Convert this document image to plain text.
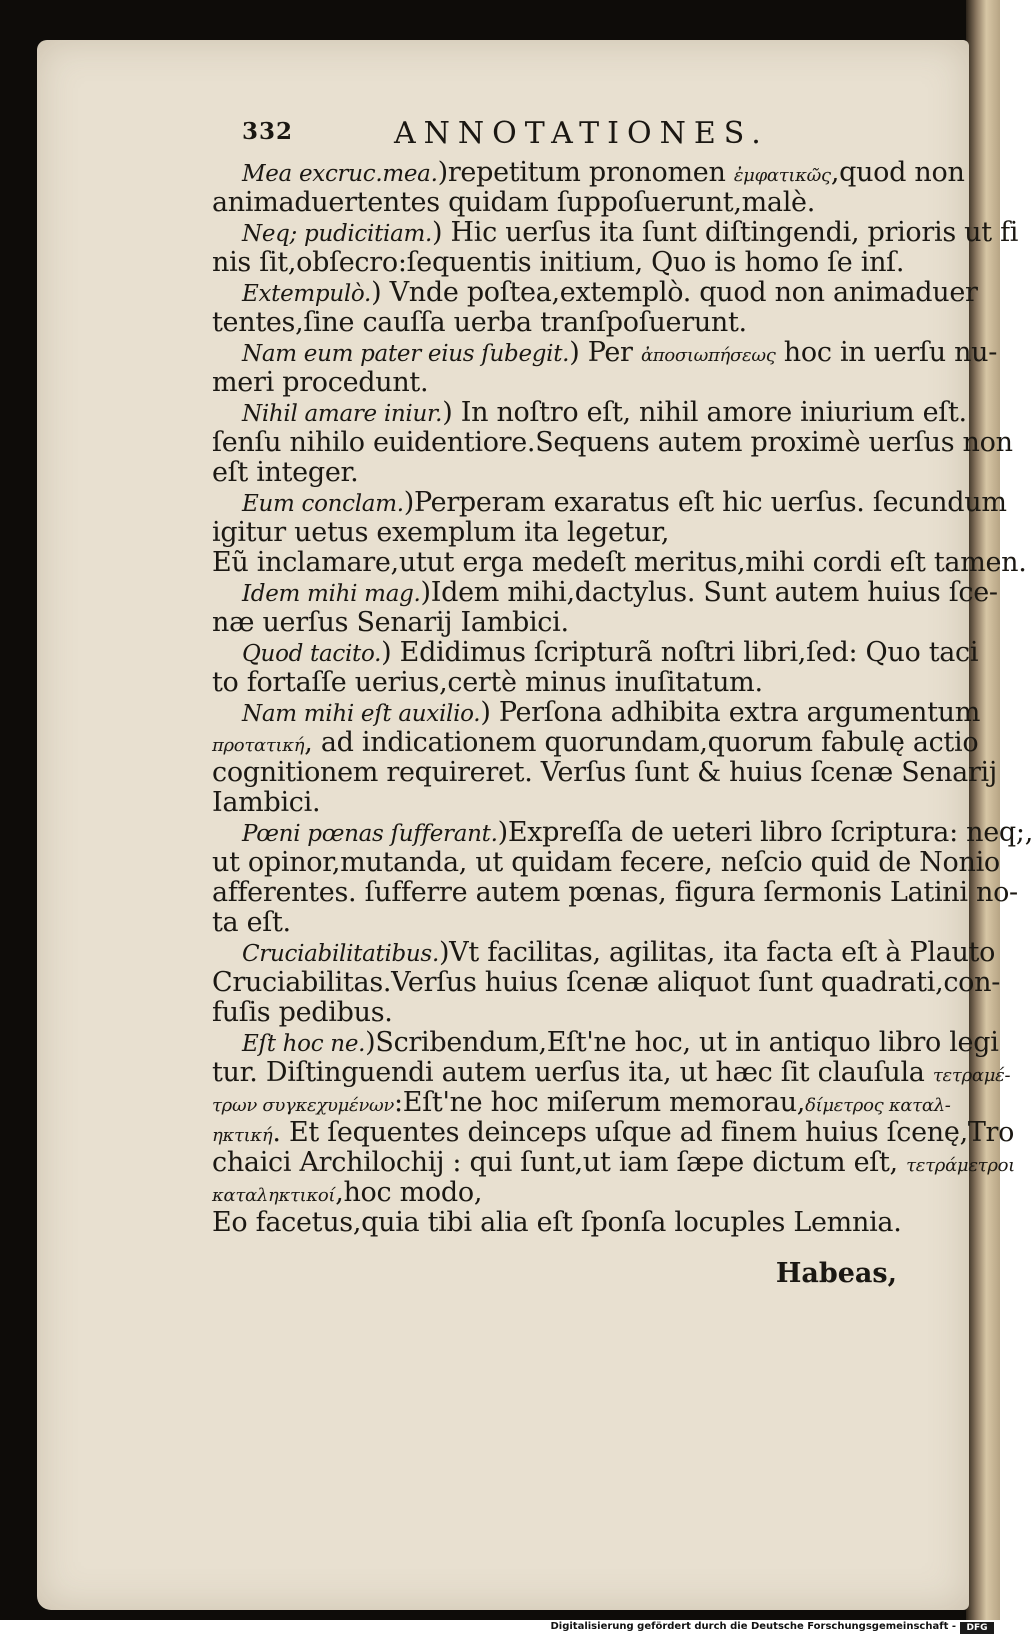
332	ANNOTATIONES.
Mea excruc.mea.)repetitum pronomen ἐμφατικῶς,quod non
animaduertentes quidam ſuppoſuerunt,malè.
Neq; pudicitiam.) Hic uerſus ita ſunt diſtingendi, prioris ut fi
nis ſit,obſecro:ſequentis initium, Quo is homo ſe inſ.
Extempulò.) Vnde poſtea,extemplò. quod non animaduer
tentes,ſine cauſſa uerba tranſpoſuerunt.
Nam eum pater eius ſubegit.) Per ἀποσιωπήσεως hoc in uerſu nu-
meri procedunt.
Nihil amare iniur.) In noſtro eſt, nihil amore iniurium eſt.
ſenſu nihilo euidentiore.Sequens autem proximè uerſus non
eſt integer.
Eum conclam.)Perperam exaratus eſt hic uerſus. ſecundum
igitur uetus exemplum ita legetur,
Eũ inclamare,utut erga medeſt meritus,mihi cordi eſt tamen.
Idem mihi mag.)Idem mihi,dactylus. Sunt autem huius ſce-
næ uerſus Senarij Iambici.
Quod tacito.) Edidimus ſcripturã noſtri libri,ſed: Quo taci
to fortaſſe uerius,certè minus inuſitatum.
Nam mihi eſt auxilio.) Perſona adhibita extra argumentum
προτατική, ad indicationem quorundam,quorum fabulę actio
cognitionem requireret. Verſus ſunt & huius ſcenæ Senarij
Iambici.
Pœni pœnas ſufferant.)Expreſſa de ueteri libro ſcriptura: neq;,
ut opinor,mutanda, ut quidam fecere, neſcio quid de Nonio
afferentes. ſufferre autem pœnas, figura ſermonis Latini no-
ta eſt.
Cruciabilitatibus.)Vt facilitas, agilitas, ita facta eſt à Plauto
Cruciabilitas.Verſus huius ſcenæ aliquot ſunt quadrati,con-
fuſis pedibus.
Eſt hoc ne.)Scribendum,Eſt'ne hoc, ut in antiquo libro legi
tur. Diſtinguendi autem uerſus ita, ut hæc ſit clauſula τετραμέ-
τρων συγκεχυμένων:Eſt'ne hoc miſerum memorau,δίμετρος καταλ-
ηκτική. Et ſequentes deinceps uſque ad finem huius ſcenę,Tro
chaici Archilochij : qui ſunt,ut iam ſæpe dictum eſt, τετράμετροι
καταληκτικοί,hoc modo,
Eo facetus,quia tibi alia eſt ſponſa locuples Lemnia.
Habeas,
Digitalisierung gefördert durch die Deutsche Forschungsgemeinschaft -	DFG
